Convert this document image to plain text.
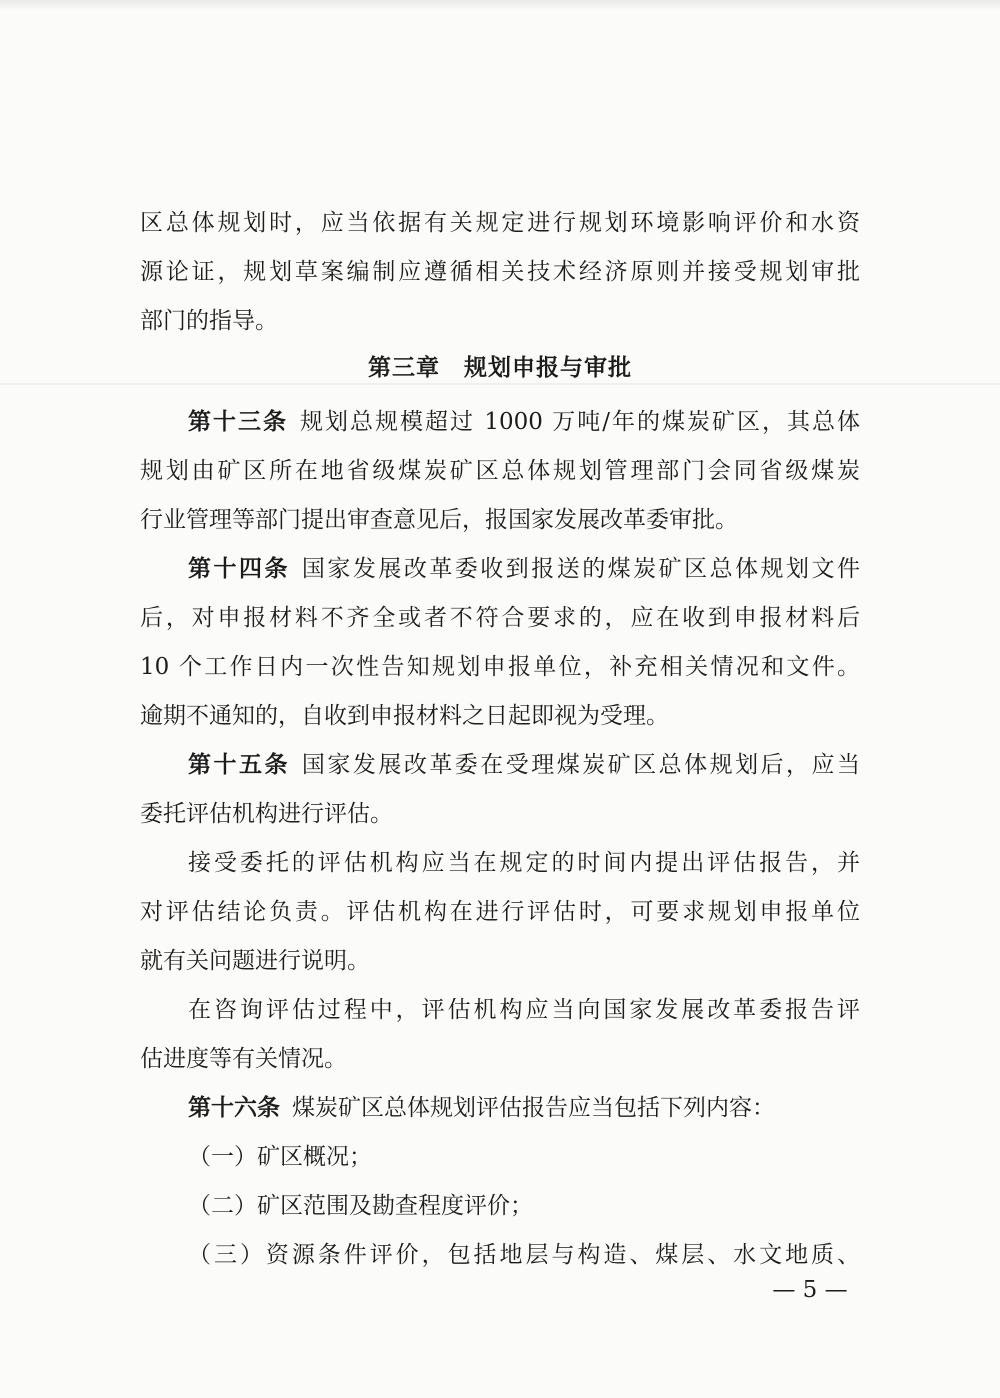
区总体规划时，应当依据有关规定进行规划环境影响评价和水资
源论证，规划草案编制应遵循相关技术经济原则并接受规划审批
部门的指导。
第三章 规划申报与审批
第十三条 规划总规模超过 1000 万吨/年的煤炭矿区，其总体
规划由矿区所在地省级煤炭矿区总体规划管理部门会同省级煤炭
行业管理等部门提出审查意见后，报国家发展改革委审批。
第十四条 国家发展改革委收到报送的煤炭矿区总体规划文件
后，对申报材料不齐全或者不符合要求的，应在收到申报材料后
10 个工作日内一次性告知规划申报单位，补充相关情况和文件。
逾期不通知的，自收到申报材料之日起即视为受理。
第十五条 国家发展改革委在受理煤炭矿区总体规划后，应当
委托评估机构进行评估。
接受委托的评估机构应当在规定的时间内提出评估报告，并
对评估结论负责。评估机构在进行评估时，可要求规划申报单位
就有关问题进行说明。
在咨询评估过程中，评估机构应当向国家发展改革委报告评
估进度等有关情况。
第十六条 煤炭矿区总体规划评估报告应当包括下列内容：
（一）矿区概况；
（二）矿区范围及勘查程度评价；
（三）资源条件评价，包括地层与构造、煤层、水文地质、
— 5 —
